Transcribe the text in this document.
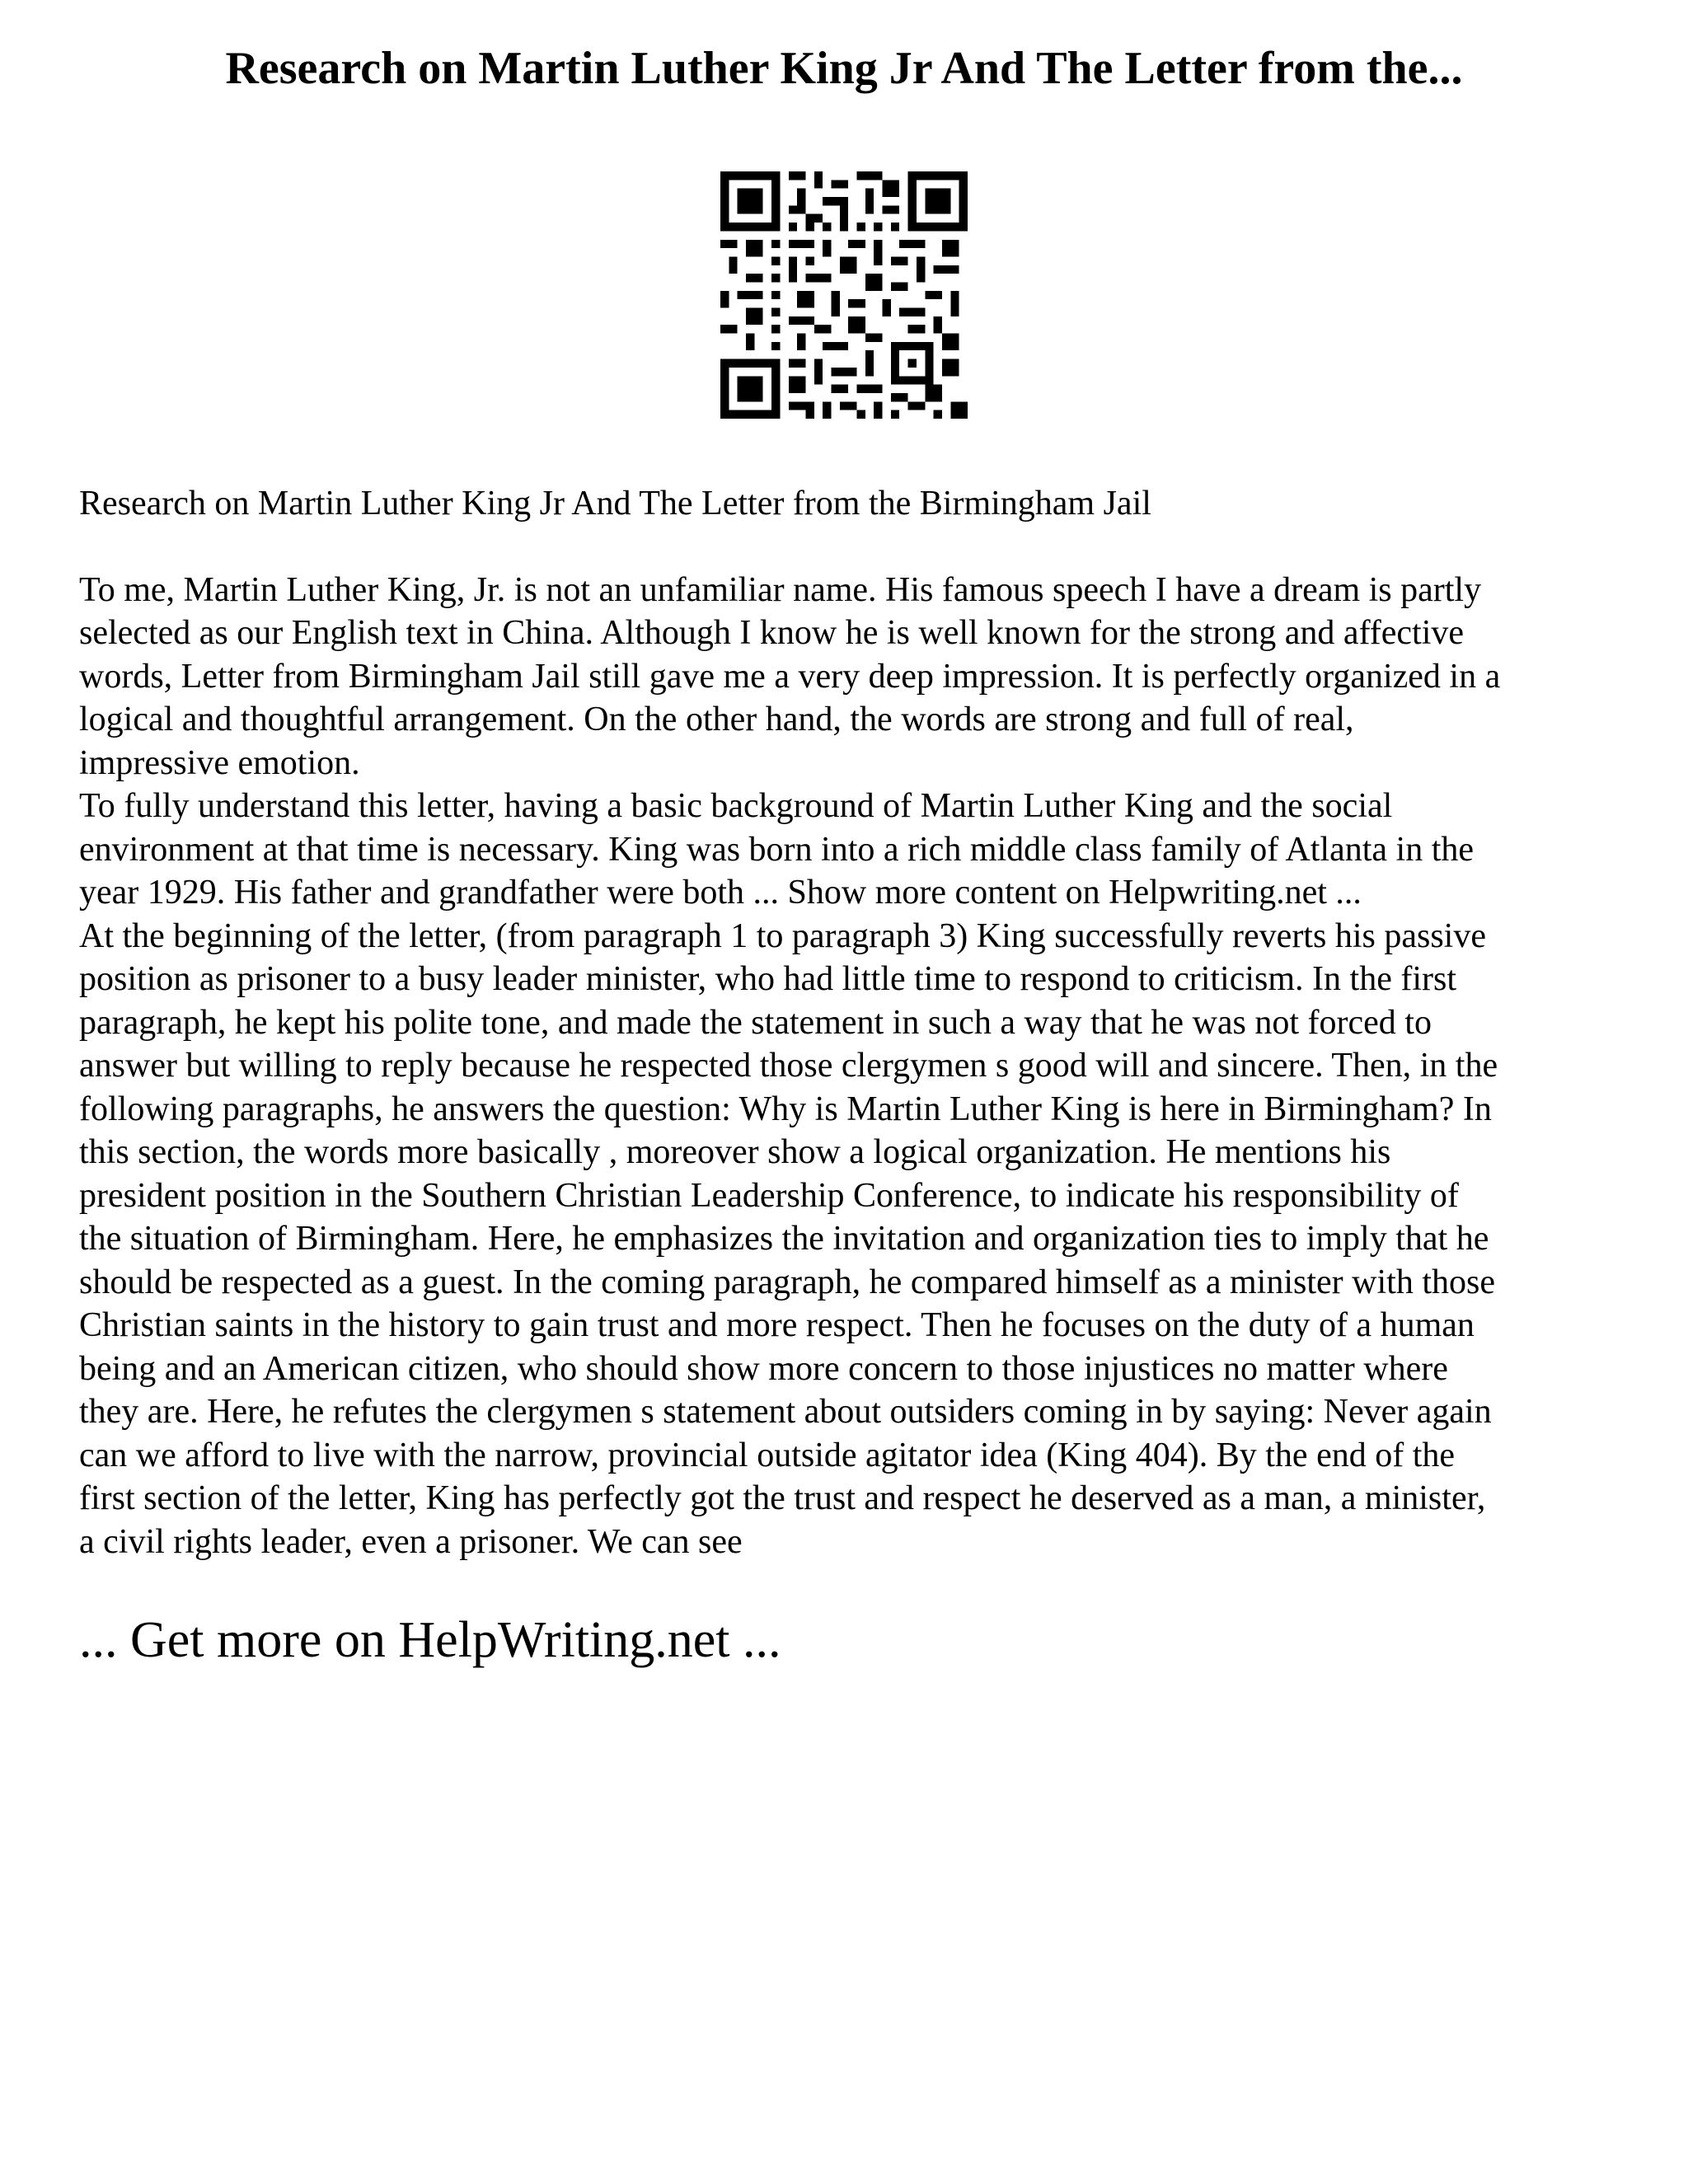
Research on Martin Luther King Jr And The Letter from the...

Research on Martin Luther King Jr And The Letter from the Birmingham Jail

To me, Martin Luther King, Jr. is not an unfamiliar name. His famous speech I have a dream is partly

selected as our English text in China. Although I know he is well known for the strong and affective

words, Letter from Birmingham Jail still gave me a very deep impression. It is perfectly organized in a

logical and thoughtful arrangement. On the other hand, the words are strong and full of real,

impressive emotion.

To fully understand this letter, having a basic background of Martin Luther King and the social

environment at that time is necessary. King was born into a rich middle class family of Atlanta in the

year 1929. His father and grandfather were both ... Show more content on Helpwriting.net ...

At the beginning of the letter, (from paragraph 1 to paragraph 3) King successfully reverts his passive

position as prisoner to a busy leader minister, who had little time to respond to criticism. In the first

paragraph, he kept his polite tone, and made the statement in such a way that he was not forced to

answer but willing to reply because he respected those clergymen s good will and sincere. Then, in the

following paragraphs, he answers the question: Why is Martin Luther King is here in Birmingham? In

this section, the words more basically , moreover show a logical organization. He mentions his

president position in the Southern Christian Leadership Conference, to indicate his responsibility of

the situation of Birmingham. Here, he emphasizes the invitation and organization ties to imply that he

should be respected as a guest. In the coming paragraph, he compared himself as a minister with those

Christian saints in the history to gain trust and more respect. Then he focuses on the duty of a human

being and an American citizen, who should show more concern to those injustices no matter where

they are. Here, he refutes the clergymen s statement about outsiders coming in by saying: Never again

can we afford to live with the narrow, provincial outside agitator idea (King 404). By the end of the

first section of the letter, King has perfectly got the trust and respect he deserved as a man, a minister,

a civil rights leader, even a prisoner. We can see

... Get more on HelpWriting.net ...
